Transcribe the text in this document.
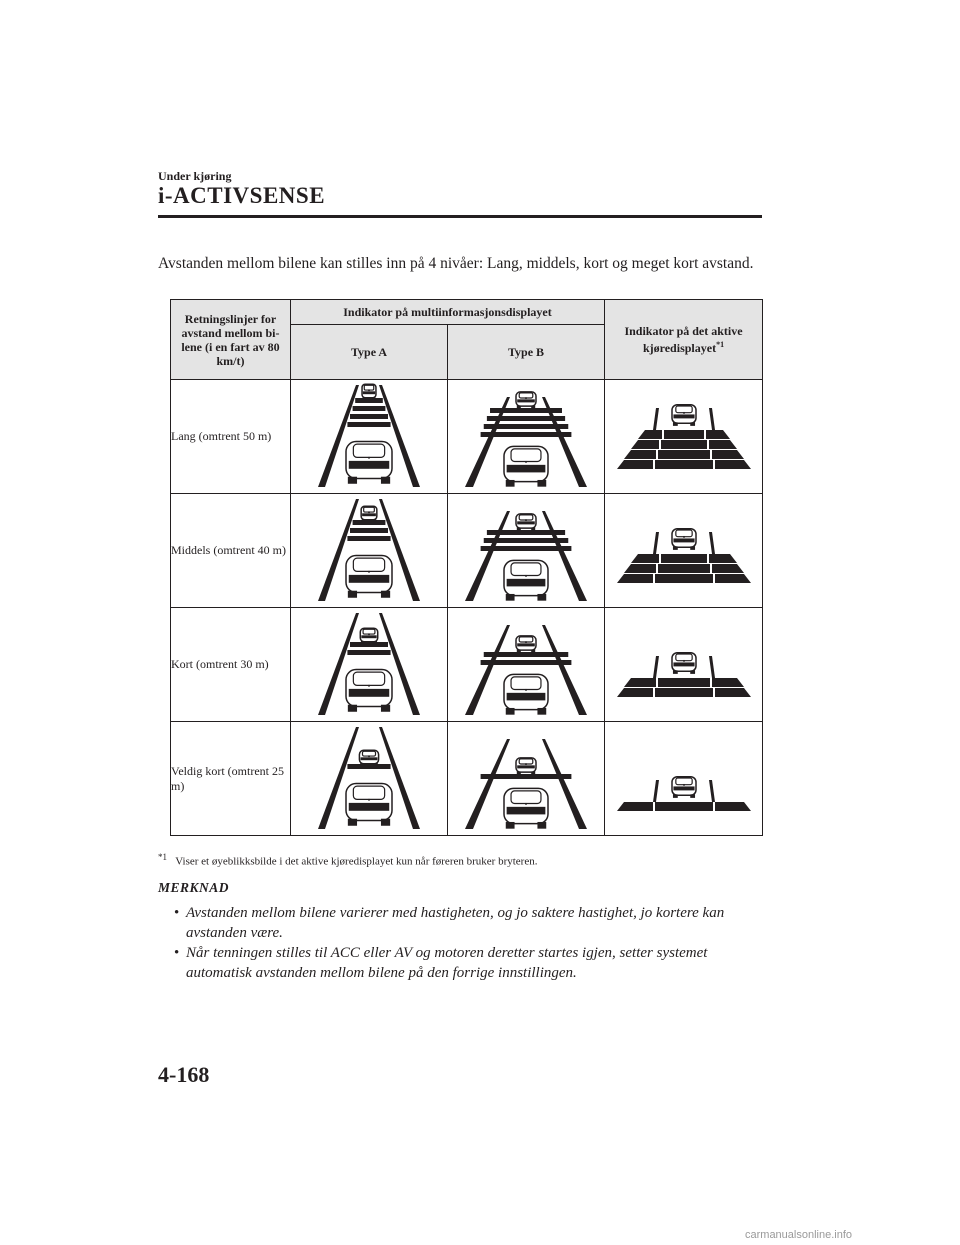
Under kjøring
i-ACTIVSENSE

Avstanden mellom bilene kan stilles inn på 4 nivåer: Lang, middels, kort og meget kort avstand.

Retningslinjer for avstand mellom bi-lene (i en fart av 80 km/t)	Indikator på multiinformasjonsdisplayet		Indikator på det aktive kjøredisplayet$^{*1}$
	Type A	Type B	
Lang (omtrent 50 m)	

Middels (omtrent 40 m)	

Kort (omtrent 30 m)	

Veldig kort (omtrent 25 m)	

$^{*1}$ Viser et øyeblikksbilde i det aktive kjøredisplayet kun når føreren bruker bryteren.
MERKNAD
• Avstanden mellom bilene varierer med hastigheten, og jo saktere hastighet, jo kortere kan avstanden være.
• Når tenningen stilles til ACC eller AV og motoren deretter startes igjen, setter systemet automatisk avstanden mellom bilene på den forrige innstillingen.
4-168
carmanualsonline.info
